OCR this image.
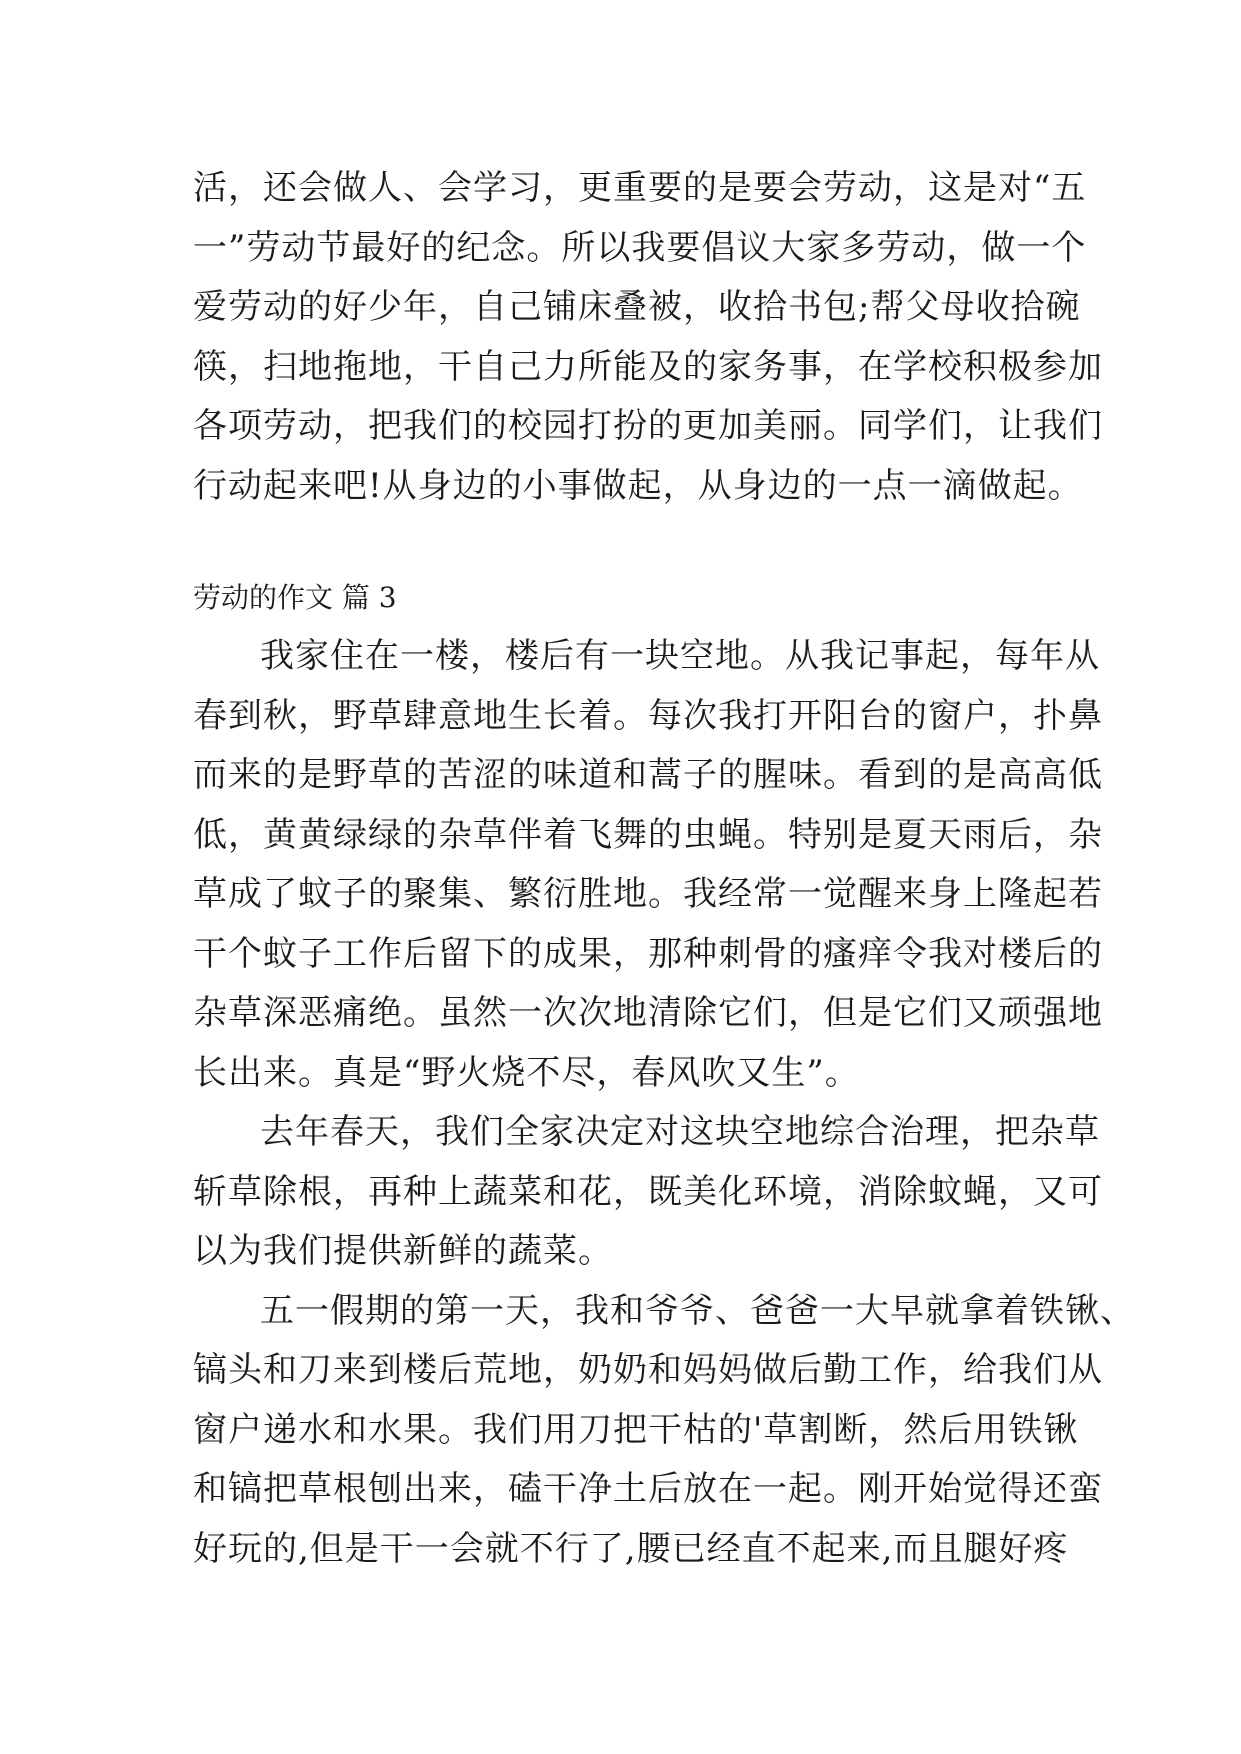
活，还会做人、会学习，更重要的是要会劳动，这是对“五
一”劳动节最好的纪念。所以我要倡议大家多劳动，做一个
爱劳动的好少年，自己铺床叠被，收拾书包;帮父母收拾碗
筷，扫地拖地，干自己力所能及的家务事，在学校积极参加
各项劳动，把我们的校园打扮的更加美丽。同学们，让我们
行动起来吧!从身边的小事做起，从身边的一点一滴做起。
劳动的作文 篇 3
我家住在一楼，楼后有一块空地。从我记事起，每年从
春到秋，野草肆意地生长着。每次我打开阳台的窗户，扑鼻
而来的是野草的苦涩的味道和蒿子的腥味。看到的是高高低
低，黄黄绿绿的杂草伴着飞舞的虫蝇。特别是夏天雨后，杂
草成了蚊子的聚集、繁衍胜地。我经常一觉醒来身上隆起若
干个蚊子工作后留下的成果，那种刺骨的瘙痒令我对楼后的
杂草深恶痛绝。虽然一次次地清除它们，但是它们又顽强地
长出来。真是“野火烧不尽，春风吹又生”。
去年春天，我们全家决定对这块空地综合治理，把杂草
斩草除根，再种上蔬菜和花，既美化环境，消除蚊蝇，又可
以为我们提供新鲜的蔬菜。
五一假期的第一天，我和爷爷、爸爸一大早就拿着铁锹、
镐头和刀来到楼后荒地，奶奶和妈妈做后勤工作，给我们从
窗户递水和水果。我们用刀把干枯的'草割断，然后用铁锹
和镐把草根刨出来，磕干净土后放在一起。刚开始觉得还蛮
好玩的,但是干一会就不行了,腰已经直不起来,而且腿好疼
